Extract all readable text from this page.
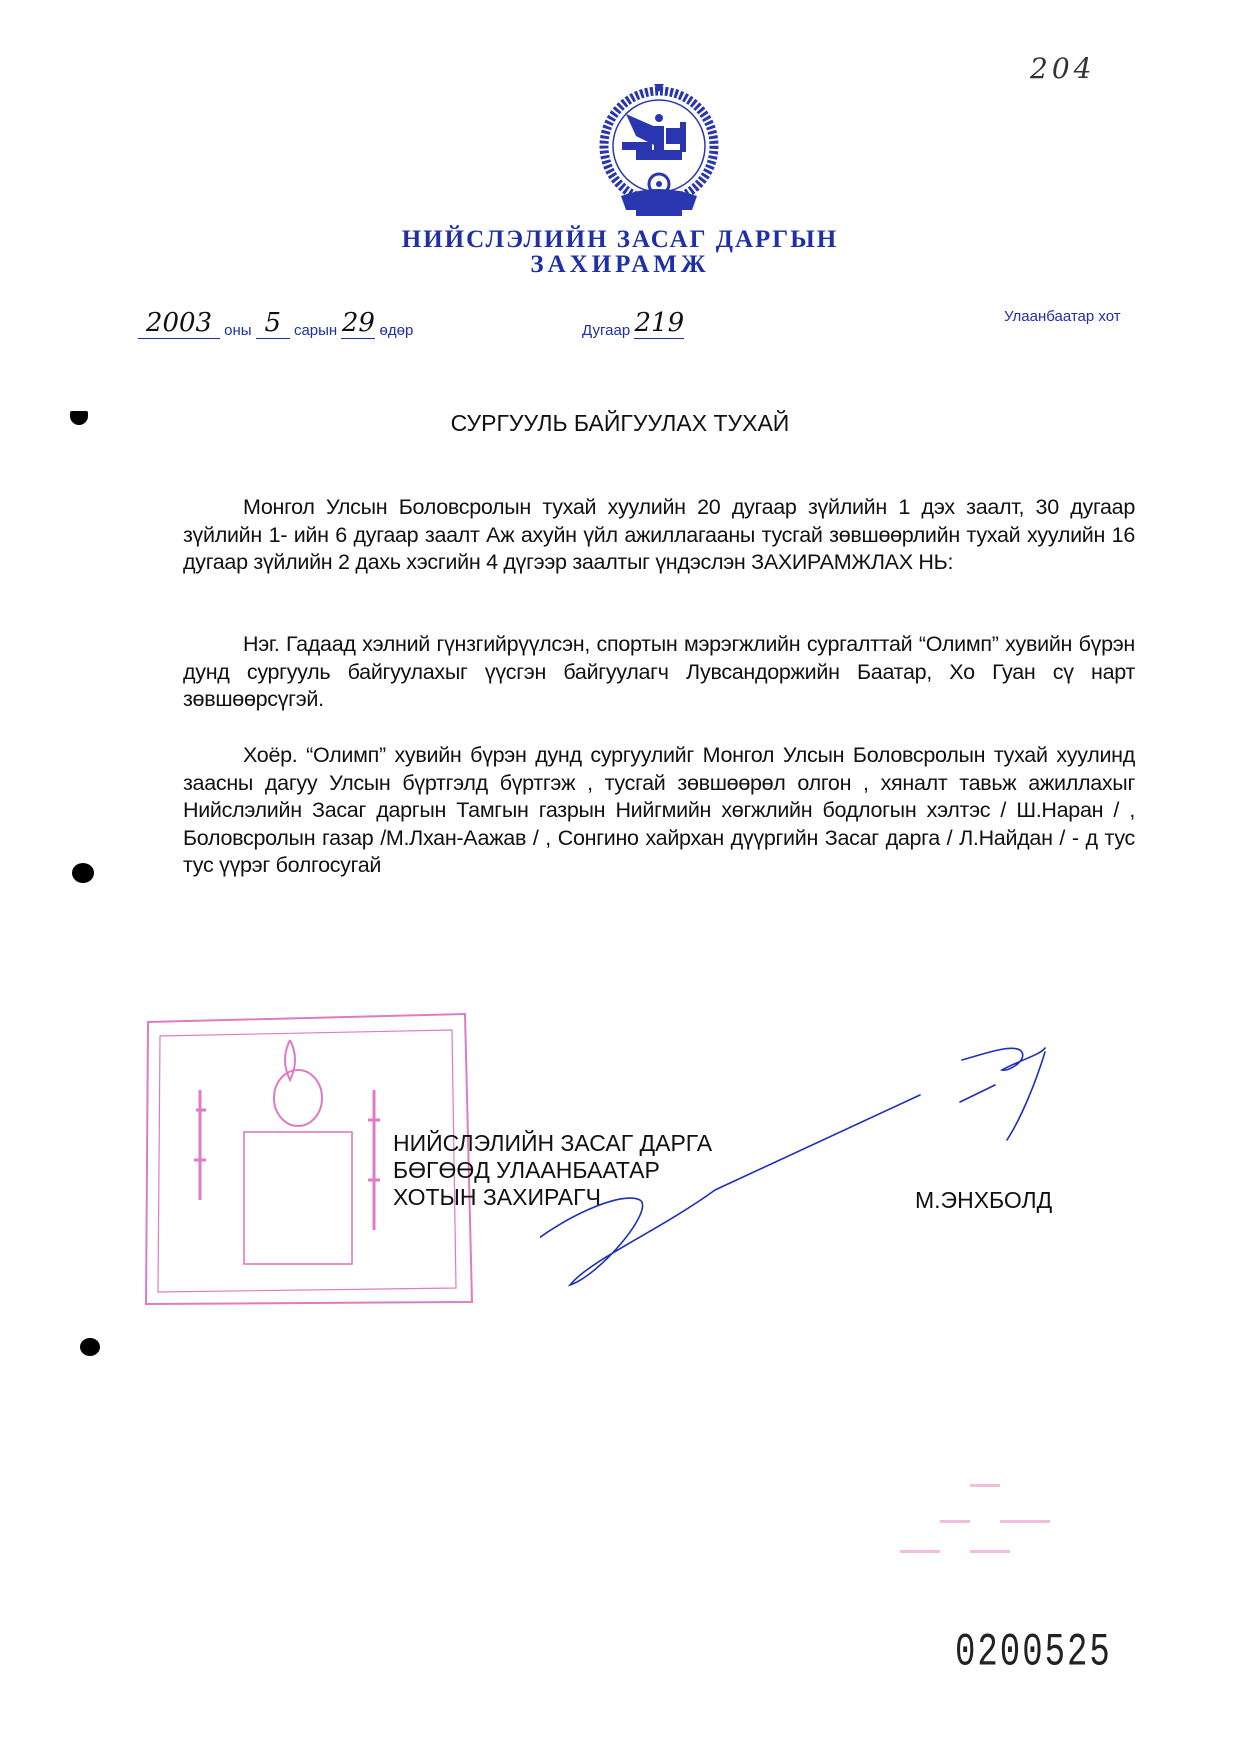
204
НИЙСЛЭЛИЙН ЗАСАГ ДАРГЫН
ЗАХИРАМЖ
2003 оны 5 сарын 29 өдөр	Дугаар 219	Улаанбаатар хот
СУРГУУЛЬ БАЙГУУЛАХ ТУХАЙ
Монгол Улсын Боловсролын тухай хуулийн 20 дугаар зүйлийн 1 дэх заалт, 30 дугаар зүйлийн 1- ийн 6 дугаар заалт Аж ахуйн үйл ажиллагааны тусгай зөвшөөрлийн тухай хуулийн 16 дугаар зүйлийн 2 дахь хэсгийн 4 дүгээр заалтыг үндэслэн ЗАХИРАМЖЛАХ НЬ:
Нэг. Гадаад хэлний гүнзгийрүүлсэн, спортын мэрэгжлийн сургалттай “Олимп” хувийн бүрэн дунд сургууль байгуулахыг үүсгэн байгуулагч Лувсандоржийн Баатар, Хо Гуан сү нарт зөвшөөрсүгэй.
Хоёр. “Олимп” хувийн бүрэн дунд сургуулийг Монгол Улсын Боловсролын тухай хуулинд заасны дагуу Улсын бүртгэлд бүртгэж , тусгай зөвшөөрөл олгон , хяналт тавьж ажиллахыг Нийслэлийн Засаг даргын Тамгын газрын Нийгмийн хөгжлийн бодлогын хэлтэс / Ш.Наран / , Боловсролын газар /М.Лхан-Аажав / , Сонгино хайрхан дүүргийн Засаг дарга / Л.Найдан / - д тус тус үүрэг болгосугай
НИЙСЛЭЛИЙН ЗАСАГ ДАРГА
БӨГӨӨД УЛААНБААТАР
ХОТЫН ЗАХИРАГЧ	М.ЭНХБОЛД
0200525
